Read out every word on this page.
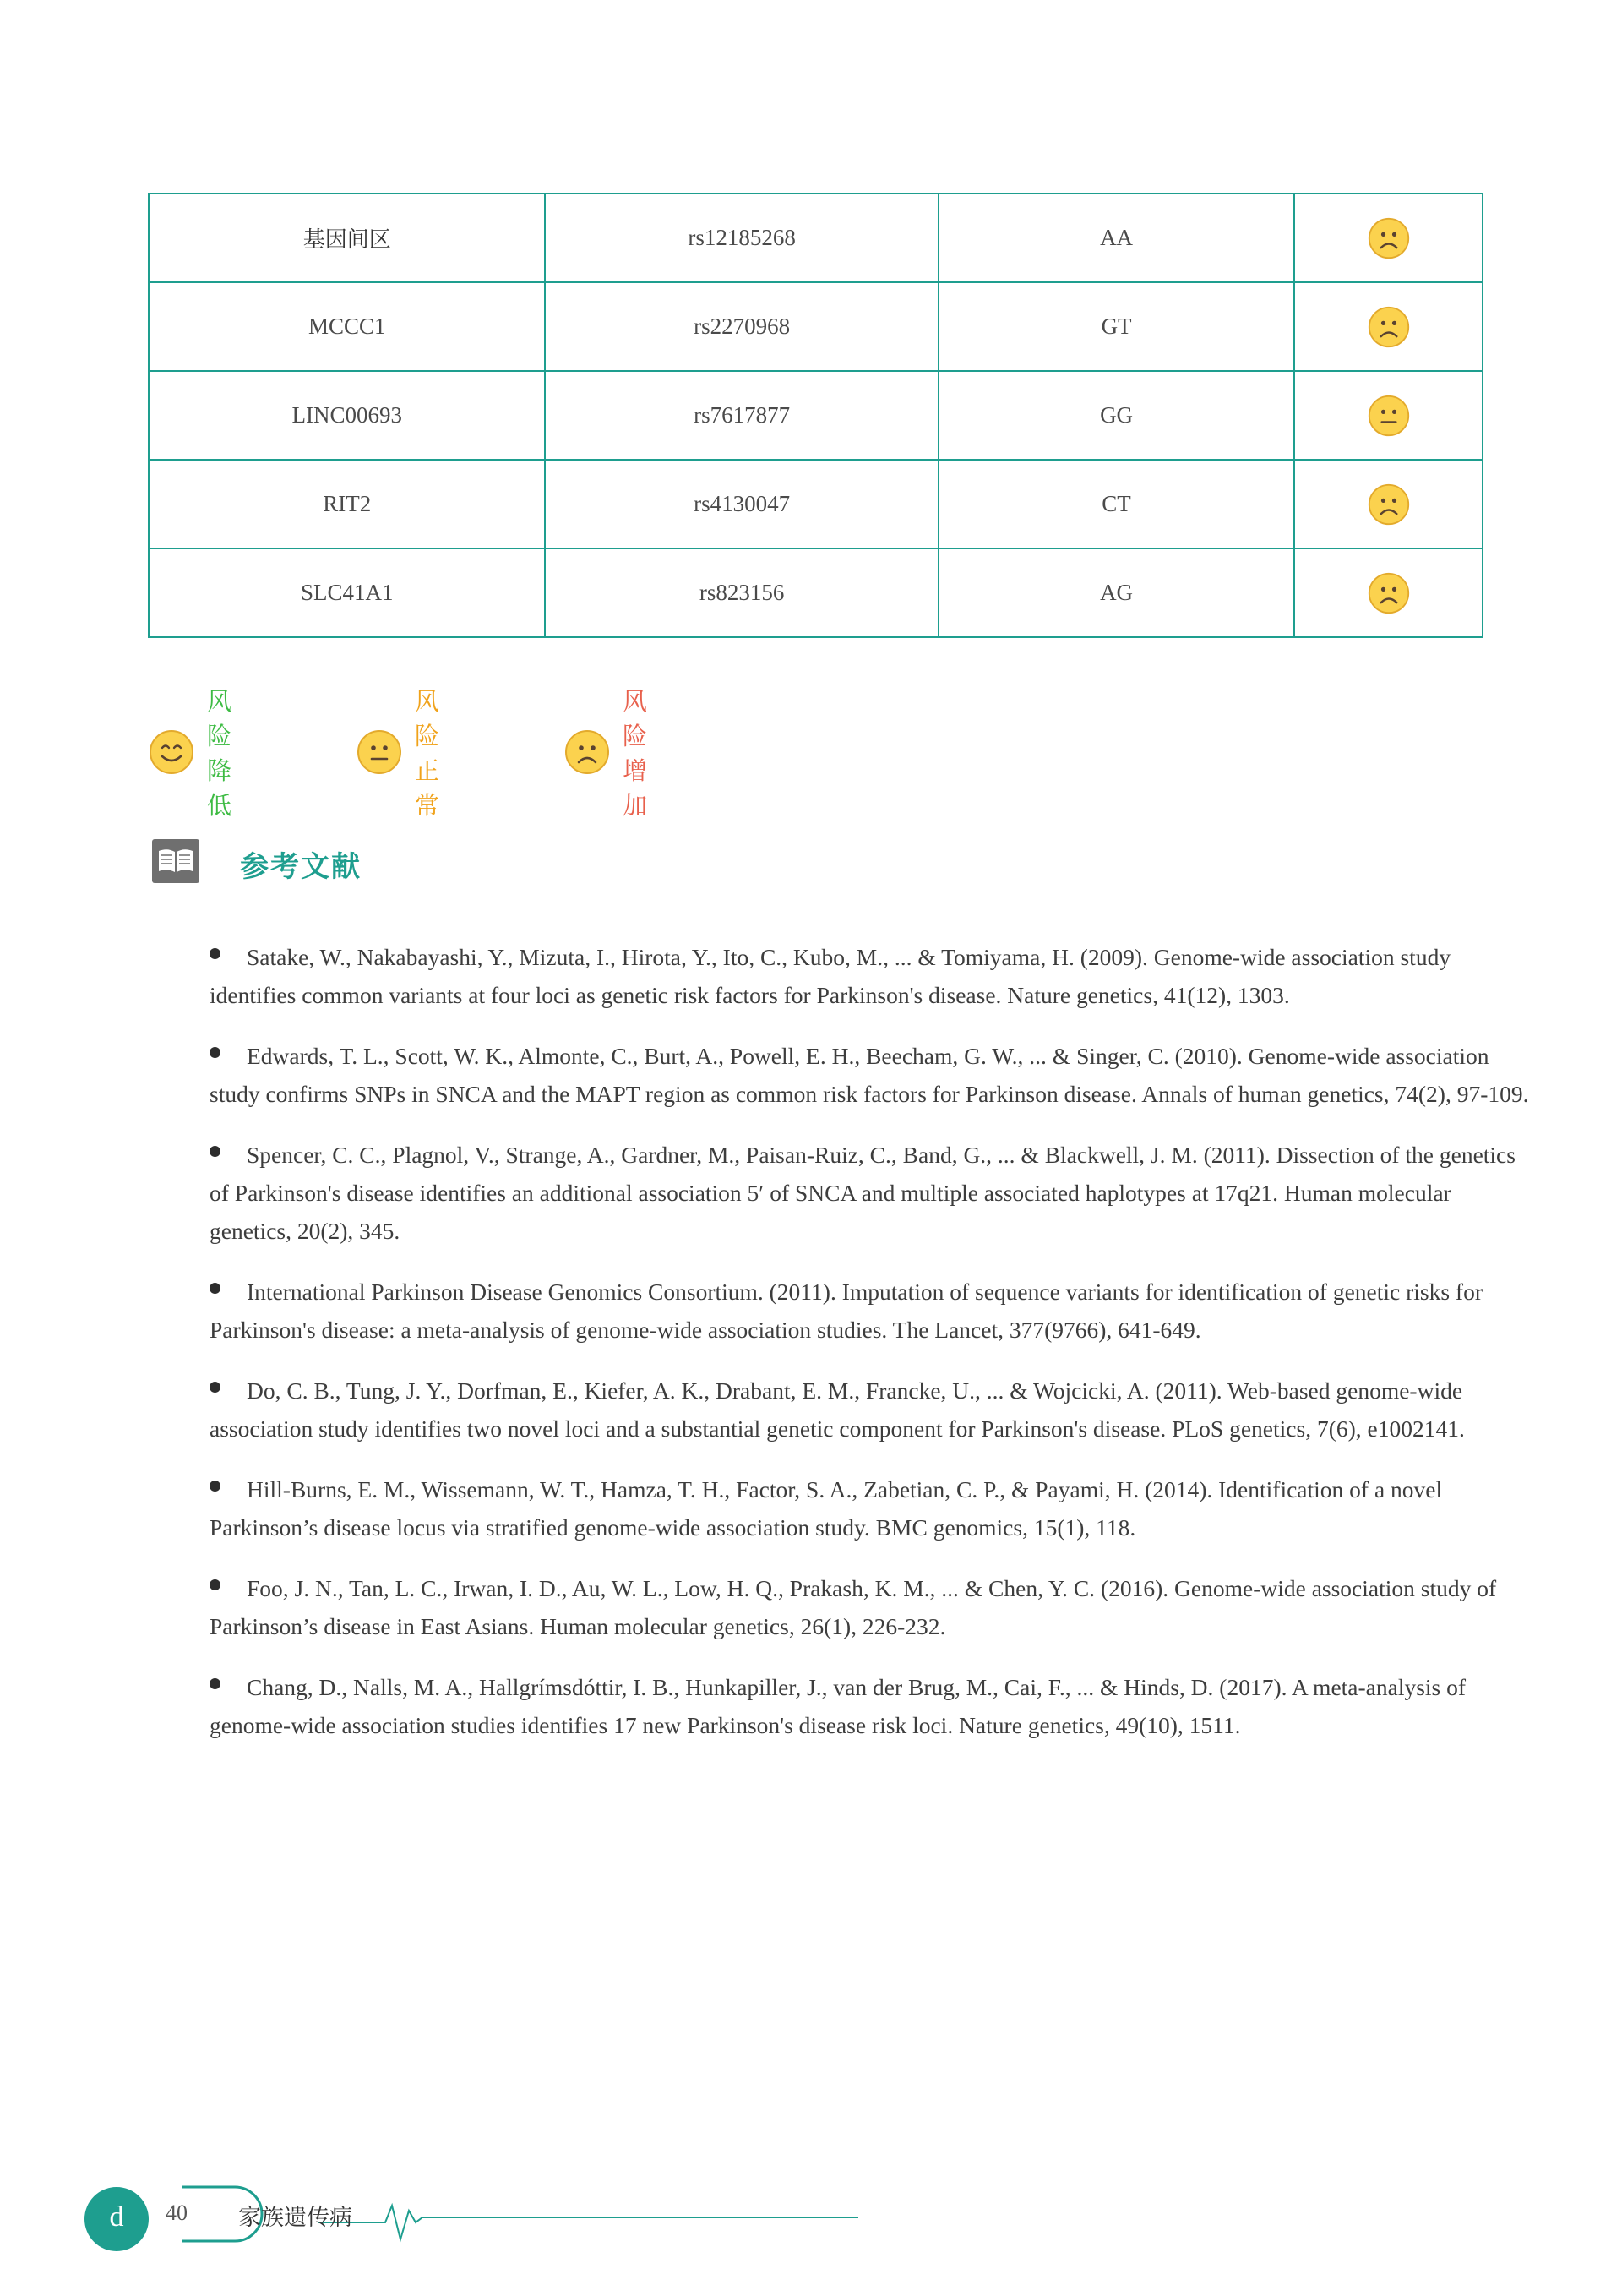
基因间区	rs12185268	AA	

MCCC1	rs2270968	GT	

LINC00693	rs7617877	GG	

RIT2	rs4130047	CT	

SLC41A1	rs823156	AG	
风险降低
风险正常
风险增加
参考文献
Satake, W., Nakabayashi, Y., Mizuta, I., Hirota, Y., Ito, C., Kubo, M., ... & Tomiyama, H. (2009). Genome-wide association study identifies common variants at four loci as genetic risk factors for Parkinson's disease. Nature genetics, 41(12), 1303.
Edwards, T. L., Scott, W. K., Almonte, C., Burt, A., Powell, E. H., Beecham, G. W., ... & Singer, C. (2010). Genome-wide association study confirms SNPs in SNCA and the MAPT region as common risk factors for Parkinson disease. Annals of human genetics, 74(2), 97-109.
Spencer, C. C., Plagnol, V., Strange, A., Gardner, M., Paisan-Ruiz, C., Band, G., ... & Blackwell, J. M. (2011). Dissection of the genetics of Parkinson's disease identifies an additional association 5′ of SNCA and multiple associated haplotypes at 17q21. Human molecular genetics, 20(2), 345.
International Parkinson Disease Genomics Consortium. (2011). Imputation of sequence variants for identification of genetic risks for Parkinson's disease: a meta-analysis of genome-wide association studies. The Lancet, 377(9766), 641-649.
Do, C. B., Tung, J. Y., Dorfman, E., Kiefer, A. K., Drabant, E. M., Francke, U., ... & Wojcicki, A. (2011). Web-based genome-wide association study identifies two novel loci and a substantial genetic component for Parkinson's disease. PLoS genetics, 7(6), e1002141.
Hill-Burns, E. M., Wissemann, W. T., Hamza, T. H., Factor, S. A., Zabetian, C. P., & Payami, H. (2014). Identification of a novel Parkinson’s disease locus via stratified genome-wide association study. BMC genomics, 15(1), 118.
Foo, J. N., Tan, L. C., Irwan, I. D., Au, W. L., Low, H. Q., Prakash, K. M., ... & Chen, Y. C. (2016). Genome-wide association study of Parkinson’s disease in East Asians. Human molecular genetics, 26(1), 226-232.
Chang, D., Nalls, M. A., Hallgrímsdóttir, I. B., Hunkapiller, J., van der Brug, M., Cai, F., ... & Hinds, D. (2017). A meta-analysis of genome-wide association studies identifies 17 new Parkinson's disease risk loci. Nature genetics, 49(10), 1511.
d	40 家族遗传病
